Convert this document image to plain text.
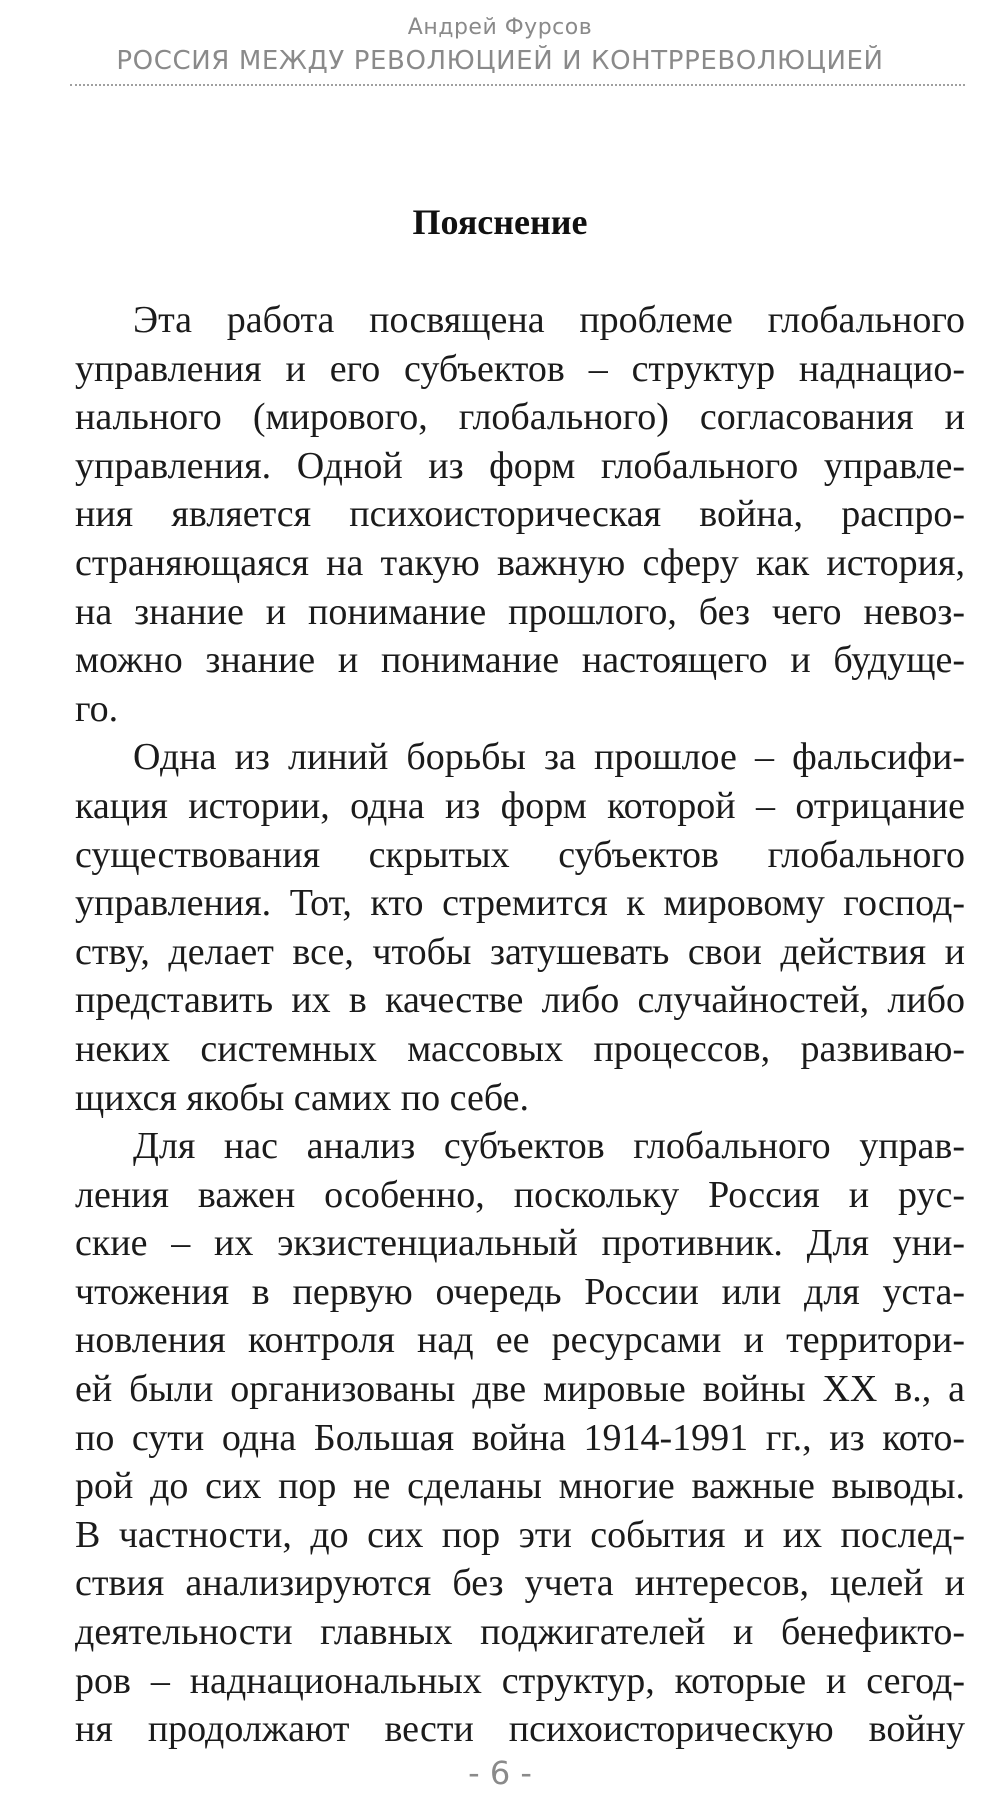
Андрей Фурсов
РОССИЯ МЕЖДУ РЕВОЛЮЦИЕЙ И КОНТРРЕВОЛЮЦИЕЙ
Пояснение
Эта работа посвящена проблеме глобального
управления и его субъектов – структур наднацио-
нального (мирового, глобального) согласования и
управления. Одной из форм глобального управле-
ния является психоисторическая война, распро-
страняющаяся на такую важную сферу как история,
на знание и понимание прошлого, без чего невоз-
можно знание и понимание настоящего и будуще-
го.
Одна из линий борьбы за прошлое – фальсифи-
кация истории, одна из форм которой – отрицание
существования скрытых субъектов глобального
управления. Тот, кто стремится к мировому господ-
ству, делает все, чтобы затушевать свои действия и
представить их в качестве либо случайностей, либо
неких системных массовых процессов, развиваю-
щихся якобы самих по себе.
Для нас анализ субъектов глобального управ-
ления важен особенно, поскольку Россия и рус-
ские – их экзистенциальный противник. Для уни-
чтожения в первую очередь России или для уста-
новления контроля над ее ресурсами и территори-
ей были организованы две мировые войны XX в., а
по сути одна Большая война 1914-1991 гг., из кото-
рой до сих пор не сделаны многие важные выводы.
В частности, до сих пор эти события и их послед-
ствия анализируются без учета интересов, целей и
деятельности главных поджигателей и бенефикто-
ров – наднациональных структур, которые и сегод-
ня продолжают вести психоисторическую войну
- 6 -
